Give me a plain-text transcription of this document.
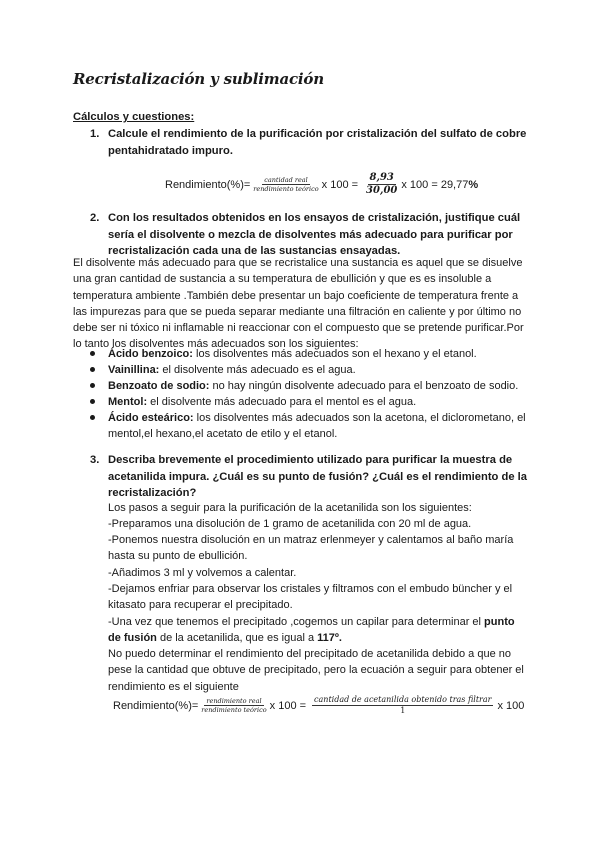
Recristalización y sublimación
Cálculos y cuestiones:
1. Calcule el rendimiento de la purificación por cristalización del sulfato de cobre pentahidratado impuro.
Rendimiento(%)= $\frac{\text{cantidad real}}{\text{rendimiento teórico}}$ x $100 = \frac{8,93}{30,00}$ x 100 = 29,77 %
2. Con los resultados obtenidos en los ensayos de cristalización, justifique cuál sería el disolvente o mezcla de disolventes más adecuado para purificar por recristalización cada una de las sustancias ensayadas.
El disolvente más adecuado para que se recristalice una sustancia es aquel que se disuelve una gran cantidad de sustancia a su temperatura de ebullición y que es es insoluble a temperatura ambiente .También debe presentar un bajo coeficiente de temperatura frente a las impurezas para que se pueda separar mediante una filtración en caliente y por último no debe ser ni tóxico ni inflamable ni reaccionar con el compuesto que se pretende purificar.Por lo tanto los disolventes más adecuados son los siguientes:
Ácido benzoico: los disolventes más adecuados son el hexano y el etanol.
Vainillina: el disolvente más adecuado es el agua.
Benzoato de sodio: no hay ningún disolvente adecuado para el benzoato de sodio.
Mentol: el disolvente más adecuado para el mentol es el agua.
Ácido esteárico: los disolventes más adecuados son la acetona, el diclorometano, el mentol,el hexano,el acetato de etilo y el etanol.
3. Describa brevemente el procedimiento utilizado para purificar la muestra de acetanilida impura. ¿Cuál es su punto de fusión? ¿Cuál es el rendimiento de la recristalización?
Los pasos a seguir para la purificación de la acetanilida son los siguientes:
-Preparamos una disolución de 1 gramo de acetanilida con 20 ml de agua.
-Ponemos nuestra disolución en un matraz erlenmeyer y calentamos al baño maría hasta su punto de ebullición.
-Añadimos 3 ml y volvemos a calentar.
-Dejamos enfriar para observar los cristales y filtramos con el embudo büncher y el kitasato para recuperar el precipitado.
-Una vez que tenemos el precipitado ,cogemos un capilar para determinar el punto de fusión de la acetanilida, que es igual a 117º.
No puedo determinar el rendimiento del precipitado de acetanilida debido a que no pese la cantidad que obtuve de precipitado, pero la ecuación a seguir para obtener el rendimiento es el siguiente
Rendimiento(%)= $\frac{\text{rendimiento real}}{\text{rendimiento teórico}}$ x $100 = \frac{\text{cantidad de acetanilida obtenido tras filtrar}}{1}$ x 100
